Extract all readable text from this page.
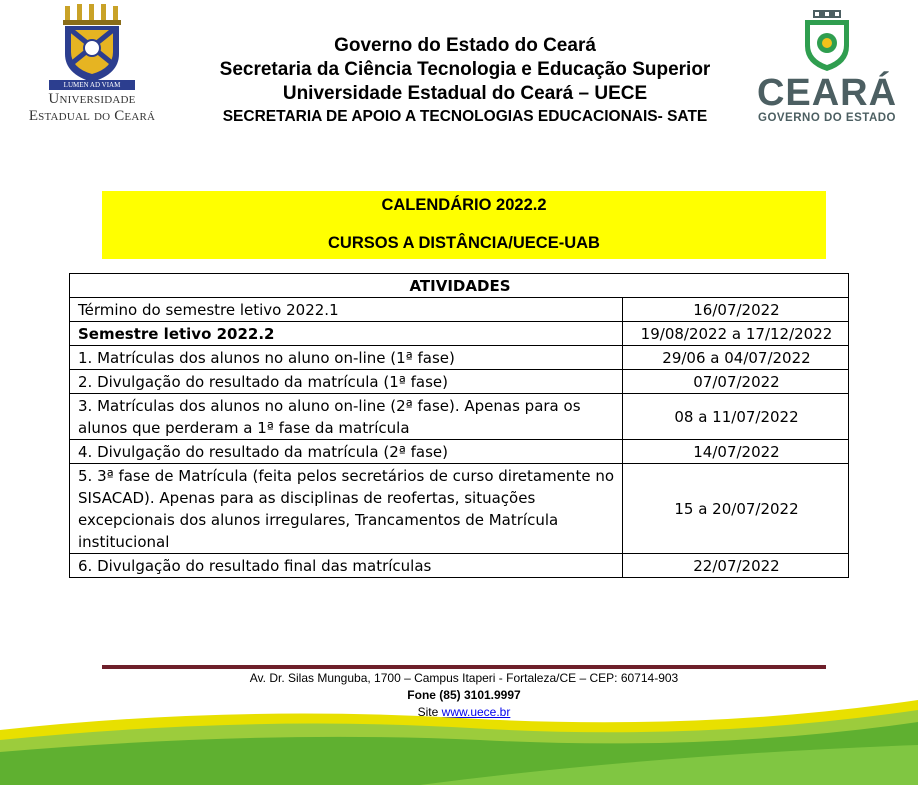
LUMEN AD VIAM
Universidade
Estadual do Ceará
Governo do Estado do Ceará
Secretaria da Ciência Tecnologia e Educação Superior
Universidade Estadual do Ceará – UECE
SECRETARIA DE APOIO A TECNOLOGIAS EDUCACIONAIS- SATE
CEARÁ
GOVERNO DO ESTADO
CALENDÁRIO 2022.2
CURSOS A DISTÂNCIA/UECE-UAB
ATIVIDADES	
Término do semestre letivo 2022.1	16/07/2022
Semestre letivo 2022.2	19/08/2022 a 17/12/2022
1. Matrículas dos alunos no aluno on-line (1ª fase)	29/06 a 04/07/2022
2. Divulgação do resultado da matrícula (1ª fase)	07/07/2022
3. Matrículas dos alunos no aluno on-line (2ª fase). Apenas para os alunos que perderam a 1ª fase da matrícula	08 a 11/07/2022
4. Divulgação do resultado da matrícula (2ª fase)	14/07/2022
5. 3ª fase de Matrícula (feita pelos secretários de curso diretamente no SISACAD). Apenas para as disciplinas de reofertas, situações excepcionais dos alunos irregulares, Trancamentos de Matrícula institucional	15 a 20/07/2022
6. Divulgação do resultado final das matrículas	22/07/2022
Av. Dr. Silas Munguba, 1700 – Campus Itaperi - Fortaleza/CE – CEP: 60714-903
Fone (85) 3101.9997
Site www.uece.br
